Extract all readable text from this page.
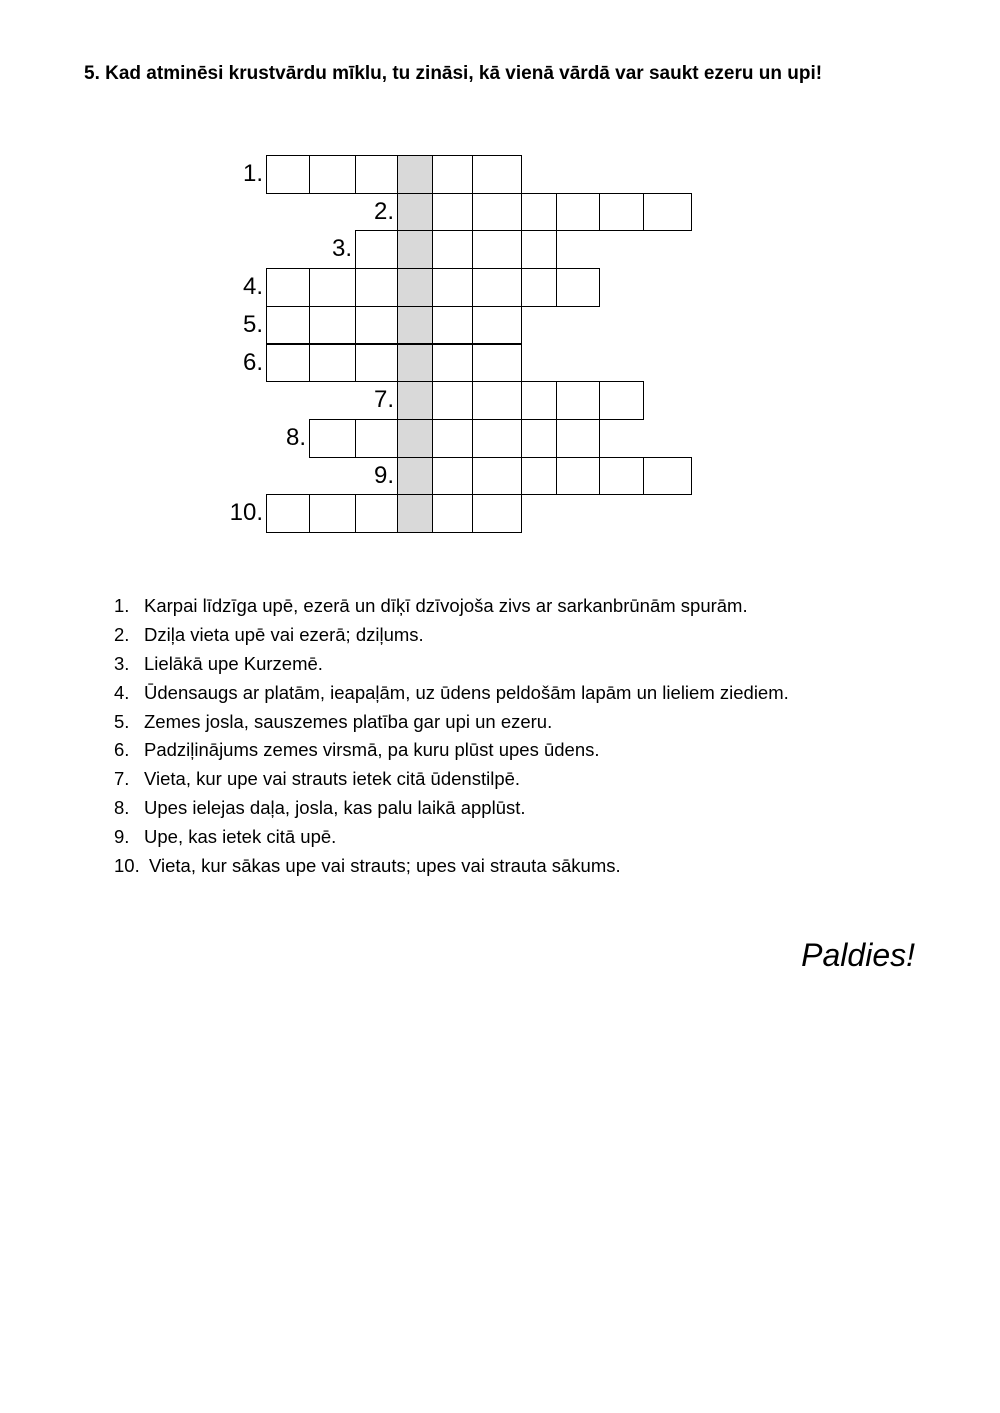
5. Kad atminēsi krustvārdu mīklu, tu zināsi, kā vienā vārdā var saukt ezeru un upi!
1.
2.
3.
4.
5.
6.
7.
8.
9.
10.
1. Karpai līdzīga upē, ezerā un dīķī dzīvojoša zivs ar sarkanbrūnām spurām.
2. Dziļa vieta upē vai ezerā; dziļums.
3. Lielākā upe Kurzemē.
4. Ūdensaugs ar platām, ieapaļām, uz ūdens peldošām lapām un lieliem ziediem.
5. Zemes josla, sauszemes platība gar upi un ezeru.
6. Padziļinājums zemes virsmā, pa kuru plūst upes ūdens.
7. Vieta, kur upe vai strauts ietek citā ūdenstilpē.
8. Upes ielejas daļa, josla, kas palu laikā applūst.
9. Upe, kas ietek citā upē.
10. Vieta, kur sākas upe vai strauts; upes vai strauta sākums.
Paldies!
